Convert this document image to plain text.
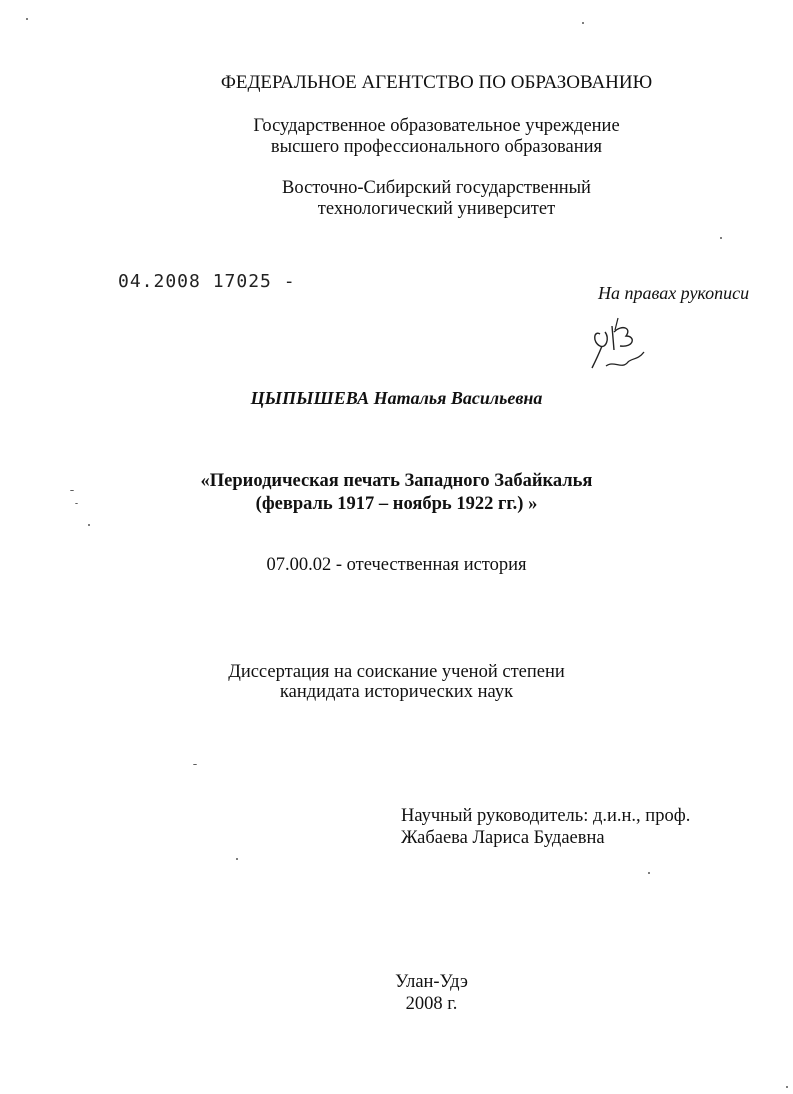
ФЕДЕРАЛЬНОЕ АГЕНТСТВО ПО ОБРАЗОВАНИЮ
Государственное образовательное учреждение
высшего профессионального образования
Восточно-Сибирский государственный
технологический университет
04.2008 17025 -
На правах рукописи
ЦЫПЫШЕВА Наталья Васильевна
«Периодическая печать Западного Забайкалья
(февраль 1917 – ноябрь 1922 гг.) »
07.00.02 - отечественная история
Диссертация на соискание ученой степени
кандидата исторических наук
Научный руководитель: д.и.н., проф.
Жабаева Лариса Будаевна
Улан-Удэ
2008 г.
